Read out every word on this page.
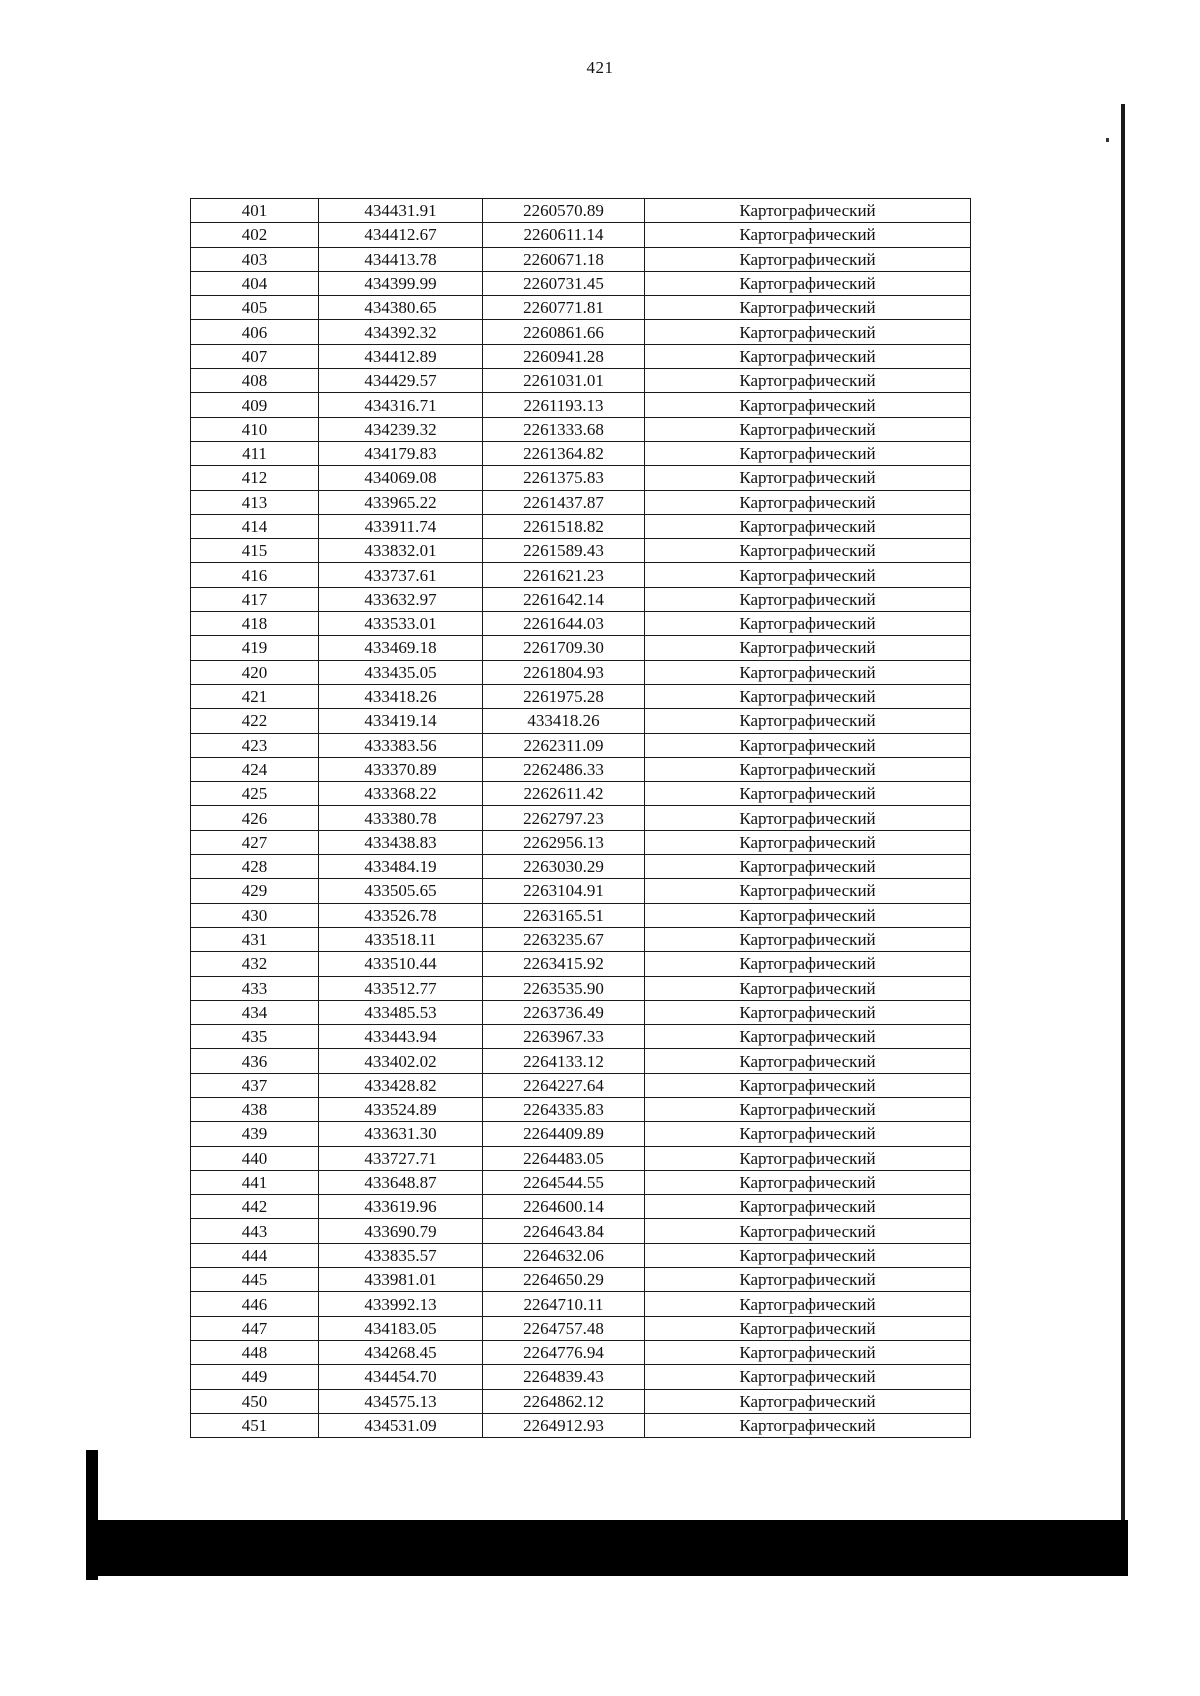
421
401	434431.91	2260570.89	Картографический
402	434412.67	2260611.14	Картографический
403	434413.78	2260671.18	Картографический
404	434399.99	2260731.45	Картографический
405	434380.65	2260771.81	Картографический
406	434392.32	2260861.66	Картографический
407	434412.89	2260941.28	Картографический
408	434429.57	2261031.01	Картографический
409	434316.71	2261193.13	Картографический
410	434239.32	2261333.68	Картографический
411	434179.83	2261364.82	Картографический
412	434069.08	2261375.83	Картографический
413	433965.22	2261437.87	Картографический
414	433911.74	2261518.82	Картографический
415	433832.01	2261589.43	Картографический
416	433737.61	2261621.23	Картографический
417	433632.97	2261642.14	Картографический
418	433533.01	2261644.03	Картографический
419	433469.18	2261709.30	Картографический
420	433435.05	2261804.93	Картографический
421	433418.26	2261975.28	Картографический
422	433419.14	433418.26	Картографический
423	433383.56	2262311.09	Картографический
424	433370.89	2262486.33	Картографический
425	433368.22	2262611.42	Картографический
426	433380.78	2262797.23	Картографический
427	433438.83	2262956.13	Картографический
428	433484.19	2263030.29	Картографический
429	433505.65	2263104.91	Картографический
430	433526.78	2263165.51	Картографический
431	433518.11	2263235.67	Картографический
432	433510.44	2263415.92	Картографический
433	433512.77	2263535.90	Картографический
434	433485.53	2263736.49	Картографический
435	433443.94	2263967.33	Картографический
436	433402.02	2264133.12	Картографический
437	433428.82	2264227.64	Картографический
438	433524.89	2264335.83	Картографический
439	433631.30	2264409.89	Картографический
440	433727.71	2264483.05	Картографический
441	433648.87	2264544.55	Картографический
442	433619.96	2264600.14	Картографический
443	433690.79	2264643.84	Картографический
444	433835.57	2264632.06	Картографический
445	433981.01	2264650.29	Картографический
446	433992.13	2264710.11	Картографический
447	434183.05	2264757.48	Картографический
448	434268.45	2264776.94	Картографический
449	434454.70	2264839.43	Картографический
450	434575.13	2264862.12	Картографический
451	434531.09	2264912.93	Картографический
